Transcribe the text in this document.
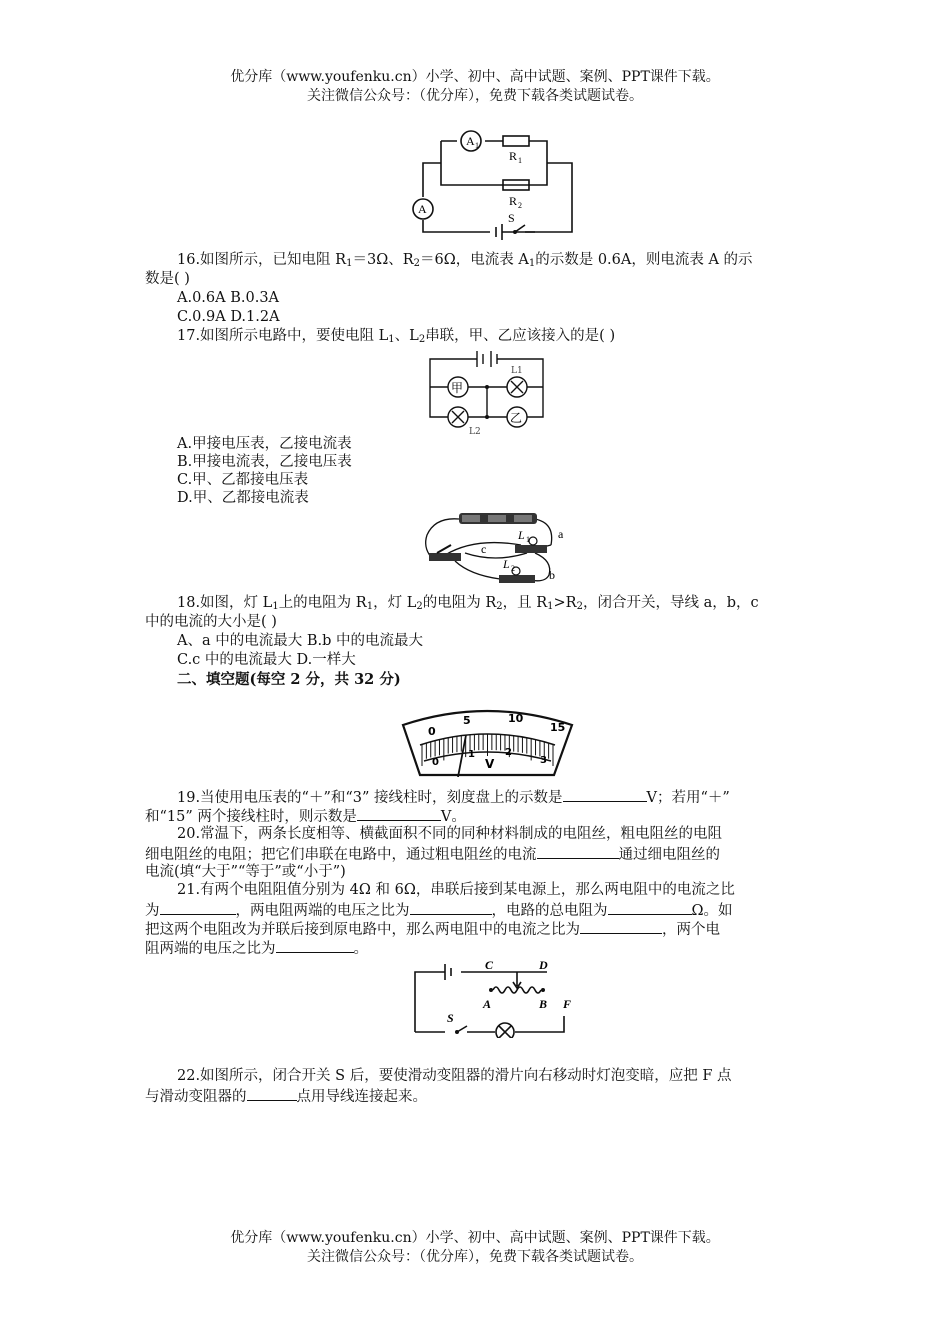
优分库（www.youfenku.cn）小学、初中、高中试题、案例、PPT课件下载。
关注微信公众号：（优分库），免费下载各类试题试卷。
A 1
A
R 1
R 2
S
16.如图所示，已知电阻 $R_1=3\Omega$、$R_2=6\Omega$，电流表 $A_1$的示数是 0.6A，则电流表 A 的示
数是( )
A.0.6A B.0.3A
C.0.9A D.1.2A
17.如图所示电路中，要使电阻 $L_1$、$L_2$串联，甲、乙应该接入的是( )
甲
乙
L1
L2
A.甲接电压表，乙接电流表
B.甲接电流表，乙接电压表
C.甲、乙都接电压表
D.甲、乙都接电流表
L 1
L 2
a
b
c
18.如图，灯 $L_1$上的电阻为 $R_1$，灯 $L_2$的电阻为 $R_2$，且 $R_1>R_2$，闭合开关，导线 a，b，c
中的电流的大小是( )
A、a 中的电流最大 B.b 中的电流最大
C.c 中的电流最大 D.一样大
二、填空题(每空 2 分，共 32 分)
0
5	10
15
0
1	2
3
V
19.当使用电压表的“＋”和“3” 接线柱时，刻度盘上的示数是	V；若用“＋”
和“15” 两个接线柱时，则示数是	V。
20.常温下，两条长度相等、横截面积不同的同种材料制成的电阻丝，粗电阻丝的电阻
细电阻丝的电阻；把它们串联在电路中，通过粗电阻丝的电流	通过细电阻丝的
电流(填“大于”“等于”或“小于”)
21.有两个电阻阻值分别为 4Ω 和 6Ω，串联后接到某电源上，那么两电阻中的电流之比
为	，两电阻两端的电压之比为	，电路的总电阻为	Ω。如
把这两个电阻改为并联后接到原电路中，那么两电阻中的电流之比为	，两个电
阻两端的电压之比为	。
C	D
A	B F
S
22.如图所示，闭合开关 S 后，要使滑动变阻器的滑片向右移动时灯泡变暗，应把 F 点
与滑动变阻器的	点用导线连接起来。
优分库（www.youfenku.cn）小学、初中、高中试题、案例、PPT课件下载。
关注微信公众号：（优分库），免费下载各类试题试卷。
